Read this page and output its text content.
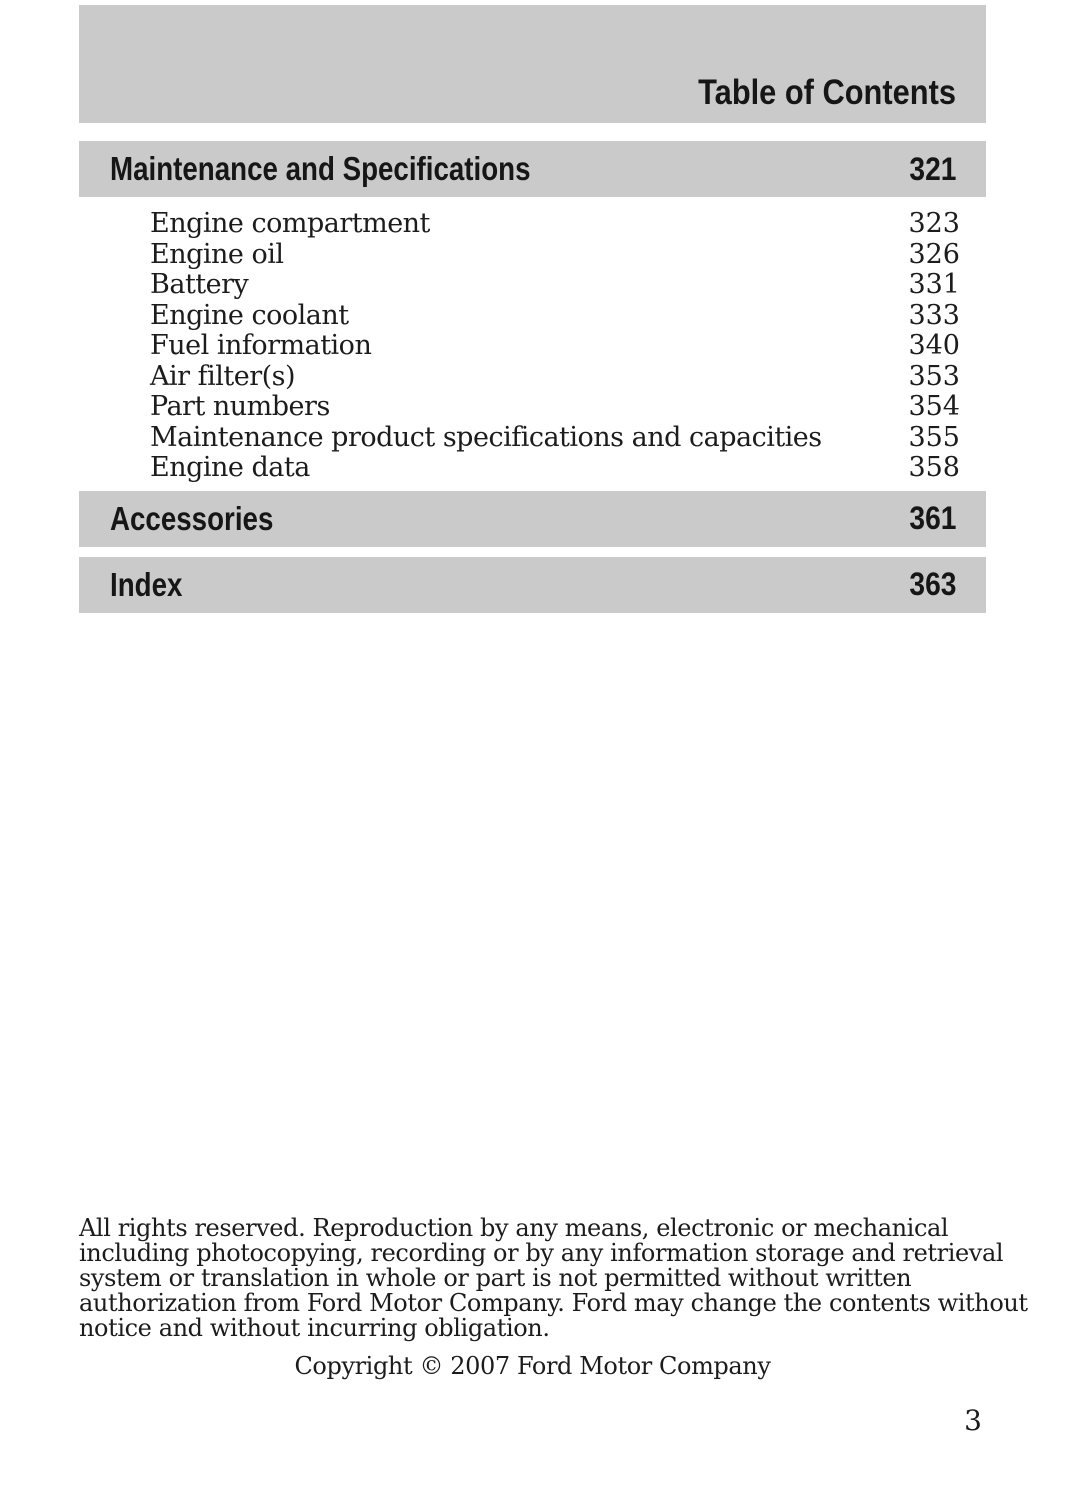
Table of Contents
Maintenance and Specifications	321
Engine compartment	323
Engine oil	326
Battery	331
Engine coolant	333
Fuel information	340
Air filter(s)	353
Part numbers	354
Maintenance product specifications and capacities	355
Engine data	358
Accessories	361
Index	363
All rights reserved. Reproduction by any means, electronic or mechanical
including photocopying, recording or by any information storage and retrieval
system or translation in whole or part is not permitted without written
authorization from Ford Motor Company. Ford may change the contents without
notice and without incurring obligation.
Copyright © 2007 Ford Motor Company
3
